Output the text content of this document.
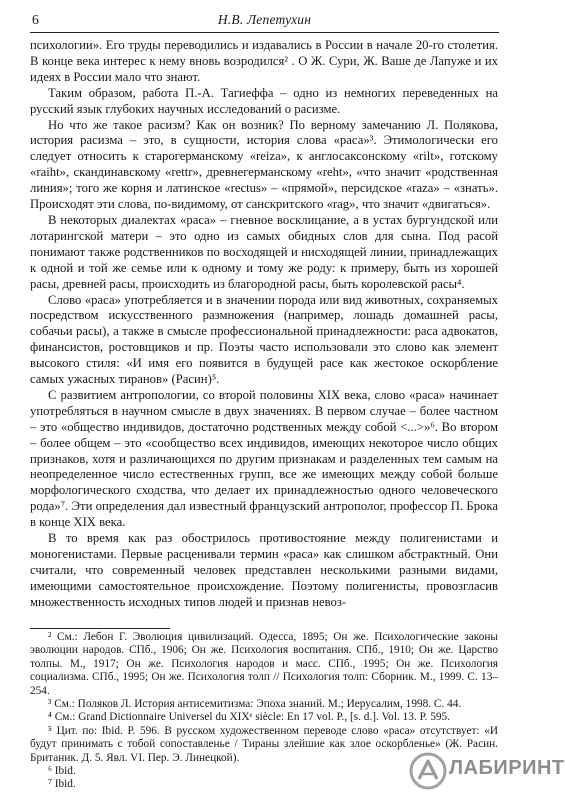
6	Н.В. Лепетухин

психологии». Его труды переводились и издавались в России в начале 20-го столетия. В конце века интерес к нему вновь возродился² . О Ж. Сури, Ж. Ваше де Лапуже и их идеях в России мало что знают.

Таким образом, работа П.-А. Тагиеффа – одно из немногих переведенных на русский язык глубоких научных исследований о расизме.

Но что же такое расизм? Как он возник? По верному замечанию Л. Полякова, история расизма – это, в сущности, история слова «раса»³. Этимологически его следует относить к старогерманскому «reiza», к англосаксонскому «rilt», готскому «raiht», скандинавскому «rettr», древнегерманскому «reht», «что значит «родственная линия»; того же корня и латинское «rectus» – «прямой», персидское «raza» – «знать». Происходят эти слова, по-видимому, от санскритского «rag», что значит «двигаться».

В некоторых диалектах «раса» – гневное восклицание, а в устах бургундской или лотарингской матери – это одно из самых обидных слов для сына. Под расой понимают также родственников по восходящей и нисходящей линии, принадлежащих к одной и той же семье или к одному и тому же роду: к примеру, быть из хорошей расы, древней расы, происходить из благородной расы, быть королевской расы⁴.

Слово «раса» употребляется и в значении порода или вид животных, сохраняемых посредством искусственного размножения (например, лошадь домашней расы, собачьи расы), а также в смысле профессиональной принадлежности: раса адвокатов, финансистов, ростовщиков и пр. Поэты часто использовали это слово как элемент высокого стиля: «И имя его появится в будущей расе как жестокое оскорбление самых ужасных тиранов» (Расин)⁵.

С развитием антропологии, со второй половины XIX века, слово «раса» начинает употребляться в научном смысле в двух значениях. В первом случае – более частном – это «общество индивидов, достаточно родственных между собой <...>»⁶. Во втором – более общем – это «сообщество всех индивидов, имеющих некоторое число общих признаков, хотя и различающихся по другим признакам и разделенных тем самым на неопределенное число естественных групп, все же имеющих между собой больше морфологического сходства, чтo делает их принадлежностью одного человеческого рода»⁷. Эти определения дал известный французский антрополог, профессор П. Брока в конце XIX века.

В то время как раз обострилось противостояние между полигенистами и моногенистами. Первые расценивали термин «раса» как слишком абстрактный. Они считали, что современный человек представлен несколькими разными видами, имеющими самостоятельное происхождение. Поэтому полигенисты, провозгласив множественность исходных типов людей и признав невоз-

² См.: Лебон Г. Эволюция цивилизаций. Одесса, 1895; Он же. Психологические законы эволюции народов. СПб., 1906; Он же. Психология воспитания. СПб., 1910; Он же. Царство толпы. М., 1917; Он же. Психология народов и масс. СПб., 1995; Он же. Психология социализма. СПб., 1995; Он же. Психология толп // Психология толп: Сборник. М., 1999. С. 13–254.

³ См.: Поляков Л. История антисемитизма: Эпоха знаний. М.; Иерусалим, 1998. С. 44.

⁴ См.: Grand Dictionnaire Universel du XIXᵉ siècle: En 17 vol. P., [s. d.]. Vol. 13. P. 595.

⁵ Цит. по: Ibid. P. 596. В русском художественном переводе слово «раса» отсутствует: «И будут принимать с тобой сопоставленье / Тираны злейшие как злое оскорбленье» (Ж. Расин. Британик. Д. 5. Явл. VI. Пер. Э. Линецкой).

⁶ Ibid.

⁷ Ibid.

ЛАБИРИНТ
